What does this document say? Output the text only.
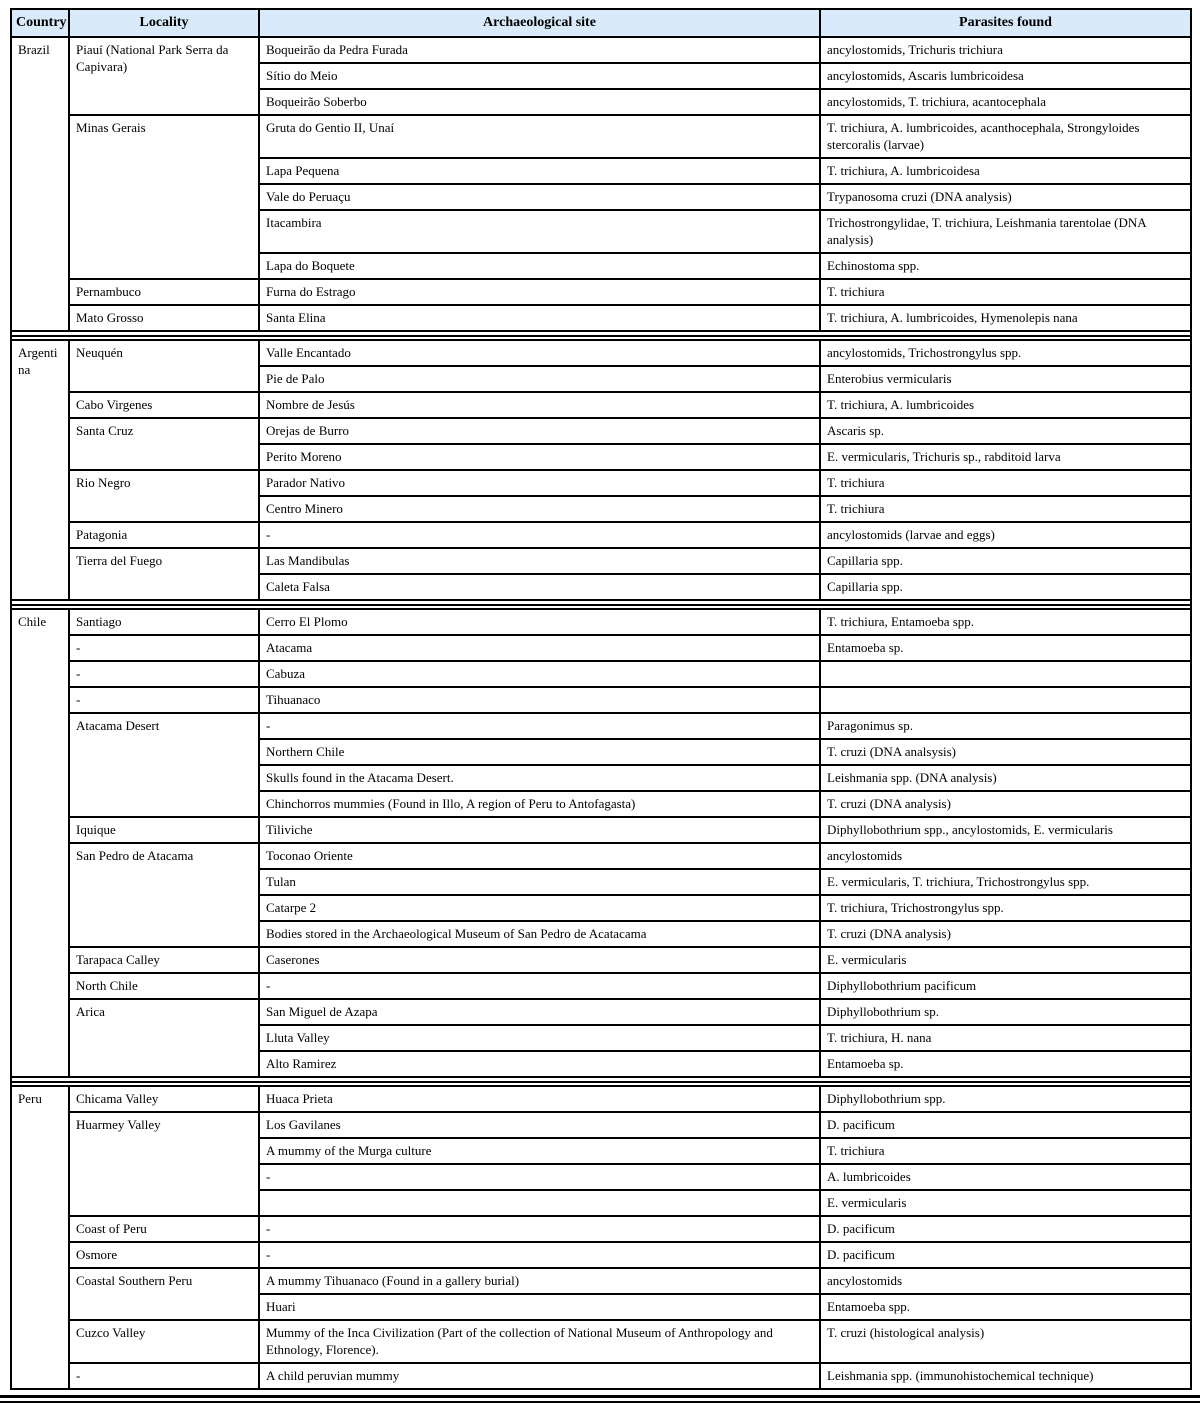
Country	Locality	Archaeological site	Parasites found
Brazil	Piauí (National Park Serra da Capivara)	Boqueirão da Pedra Furada	ancylostomids, Trichuris trichiura
		Sítio do Meio	ancylostomids, Ascaris lumbricoidesa
		Boqueirão Soberbo	ancylostomids, T. trichiura, acantocephala
	Minas Gerais	Gruta do Gentio II, Unaí	T. trichiura, A. lumbricoides, acanthocephala, Strongyloides stercoralis (larvae)
		Lapa Pequena	T. trichiura, A. lumbricoidesa
		Vale do Peruaçu	Trypanosoma cruzi (DNA analysis)
		Itacambira	Trichostrongylidae, T. trichiura, Leishmania tarentolae (DNA analysis)
		Lapa do Boquete	Echinostoma spp.
	Pernambuco	Furna do Estrago	T. trichiura
	Mato Grosso	Santa Elina	T. trichiura, A. lumbricoides, Hymenolepis nana

Argentina	Neuquén	Valle Encantado	ancylostomids, Trichostrongylus spp.
		Pie de Palo	Enterobius vermicularis
	Cabo Virgenes	Nombre de Jesús	T. trichiura, A. lumbricoides
	Santa Cruz	Orejas de Burro	Ascaris sp.
		Perito Moreno	E. vermicularis, Trichuris sp., rabditoid larva
	Rio Negro	Parador Nativo	T. trichiura
		Centro Minero	T. trichiura
	Patagonia	-	ancylostomids (larvae and eggs)
	Tierra del Fuego	Las Mandibulas	Capillaria spp.
		Caleta Falsa	Capillaria spp.

Chile	Santiago	Cerro El Plomo	T. trichiura, Entamoeba spp.
	-	Atacama	Entamoeba sp.
	-	Cabuza	
	-	Tihuanaco	
	Atacama Desert	-	Paragonimus sp.
		Northern Chile	T. cruzi (DNA analsysis)
		Skulls found in the Atacama Desert.	Leishmania spp. (DNA analysis)
		Chinchorros mummies (Found in Illo, A region of Peru to Antofagasta)	T. cruzi (DNA analysis)
	Iquique	Tiliviche	Diphyllobothrium spp., ancylostomids, E. vermicularis
	San Pedro de Atacama	Toconao Oriente	ancylostomids
		Tulan	E. vermicularis, T. trichiura, Trichostrongylus spp.
		Catarpe 2	T. trichiura, Trichostrongylus spp.
		Bodies stored in the Archaeological Museum of San Pedro de Acatacama	T. cruzi (DNA analysis)
	Tarapaca Calley	Caserones	E. vermicularis
	North Chile	-	Diphyllobothrium pacificum
	Arica	San Miguel de Azapa	Diphyllobothrium sp.
		Lluta Valley	T. trichiura, H. nana
		Alto Ramirez	Entamoeba sp.

Peru	Chicama Valley	Huaca Prieta	Diphyllobothrium spp.
	Huarmey Valley	Los Gavilanes	D. pacificum
		A mummy of the Murga culture	T. trichiura
		-	A. lumbricoides
			E. vermicularis
	Coast of Peru	-	D. pacificum
	Osmore	-	D. pacificum
	Coastal Southern Peru	A mummy Tihuanaco (Found in a gallery burial)	ancylostomids
		Huari	Entamoeba spp.
	Cuzco Valley	Mummy of the Inca Civilization (Part of the collection of National Museum of Anthropology and Ethnology, Florence).	T. cruzi (histological analysis)
	-	A child peruvian mummy	Leishmania spp. (immunohistochemical technique)
